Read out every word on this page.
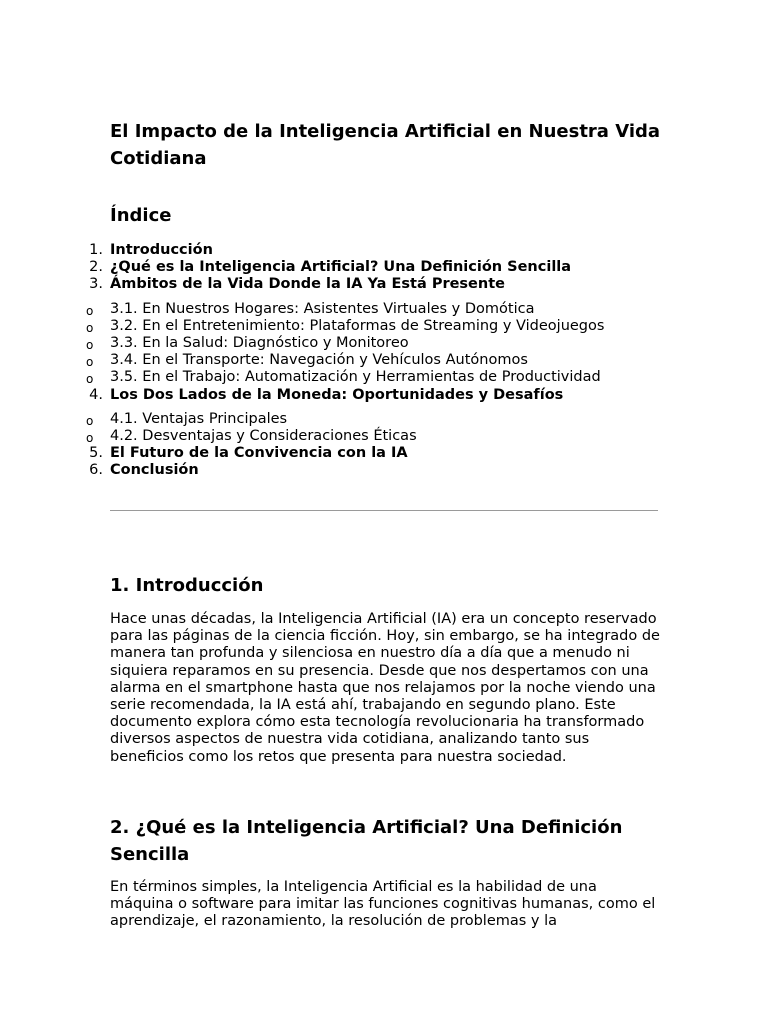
El Impacto de la Inteligencia Artificial en Nuestra Vida Cotidiana
Índice
1. Introducción
2. ¿Qué es la Inteligencia Artificial? Una Definición Sencilla
3. Ámbitos de la Vida Donde la IA Ya Está Presente
o 3.1. En Nuestros Hogares: Asistentes Virtuales y Domótica
o 3.2. En el Entretenimiento: Plataformas de Streaming y Videojuegos
o 3.3. En la Salud: Diagnóstico y Monitoreo
o 3.4. En el Transporte: Navegación y Vehículos Autónomos
o 3.5. En el Trabajo: Automatización y Herramientas de Productividad
4. Los Dos Lados de la Moneda: Oportunidades y Desafíos
o 4.1. Ventajas Principales
o 4.2. Desventajas y Consideraciones Éticas
5. El Futuro de la Convivencia con la IA
6. Conclusión
1. Introducción

Hace unas décadas, la Inteligencia Artificial (IA) era un concepto reservado para las páginas de la ciencia ficción. Hoy, sin embargo, se ha integrado de manera tan profunda y silenciosa en nuestro día a día que a menudo ni siquiera reparamos en su presencia. Desde que nos despertamos con una alarma en el smartphone hasta que nos relajamos por la noche viendo una serie recomendada, la IA está ahí, trabajando en segundo plano. Este documento explora cómo esta tecnología revolucionaria ha transformado diversos aspectos de nuestra vida cotidiana, analizando tanto sus beneficios como los retos que presenta para nuestra sociedad.

2. ¿Qué es la Inteligencia Artificial? Una Definición Sencilla

En términos simples, la Inteligencia Artificial es la habilidad de una máquina o software para imitar las funciones cognitivas humanas, como el aprendizaje, el razonamiento, la resolución de problemas y la
